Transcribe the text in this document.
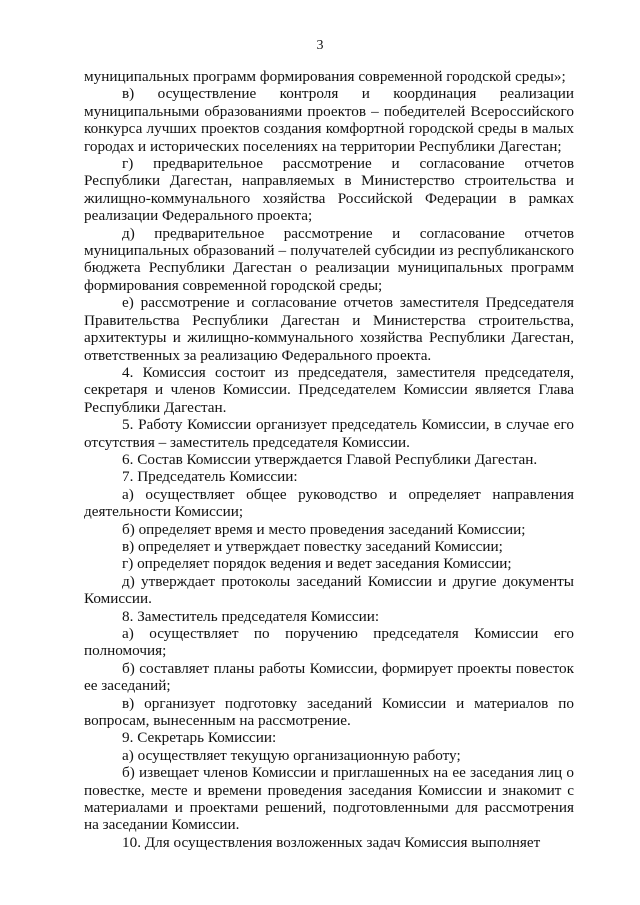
3

муниципальных программ формирования современной городской среды»;

в) осуществление контроля и координация реализации муниципальными образованиями проектов – победителей Всероссийского конкурса лучших проектов создания комфортной городской среды в малых городах и исторических поселениях на территории Республики Дагестан;

г) предварительное рассмотрение и согласование отчетов Республики Дагестан, направляемых в Министерство строительства и жилищно-коммунального хозяйства Российской Федерации в рамках реализации Федерального проекта;

д) предварительное рассмотрение и согласование отчетов муниципальных образований – получателей субсидии из республиканского бюджета Республики Дагестан о реализации муниципальных программ формирования современной городской среды;

е) рассмотрение и согласование отчетов заместителя Председателя Правительства Республики Дагестан и Министерства строительства, архитектуры и жилищно-коммунального хозяйства Республики Дагестан, ответственных за реализацию Федерального проекта.

4. Комиссия состоит из председателя, заместителя председателя, секретаря и членов Комиссии. Председателем Комиссии является Глава Республики Дагестан.

5. Работу Комиссии организует председатель Комиссии, в случае его отсутствия – заместитель председателя Комиссии.

6. Состав Комиссии утверждается Главой Республики Дагестан.

7. Председатель Комиссии:

а) осуществляет общее руководство и определяет направления деятельности Комиссии;

б) определяет время и место проведения заседаний Комиссии;

в) определяет и утверждает повестку заседаний Комиссии;

г) определяет порядок ведения и ведет заседания Комиссии;

д) утверждает протоколы заседаний Комиссии и другие документы Комиссии.

8. Заместитель председателя Комиссии:

а) осуществляет по поручению председателя Комиссии его полномочия;

б) составляет планы работы Комиссии, формирует проекты повесток ее заседаний;

в) организует подготовку заседаний Комиссии и материалов по вопросам, вынесенным на рассмотрение.

9. Секретарь Комиссии:

а) осуществляет текущую организационную работу;

б) извещает членов Комиссии и приглашенных на ее заседания лиц о повестке, месте и времени проведения заседания Комиссии и знакомит с материалами и проектами решений, подготовленными для рассмотрения на заседании Комиссии.

10. Для осуществления возложенных задач Комиссия выполняет
